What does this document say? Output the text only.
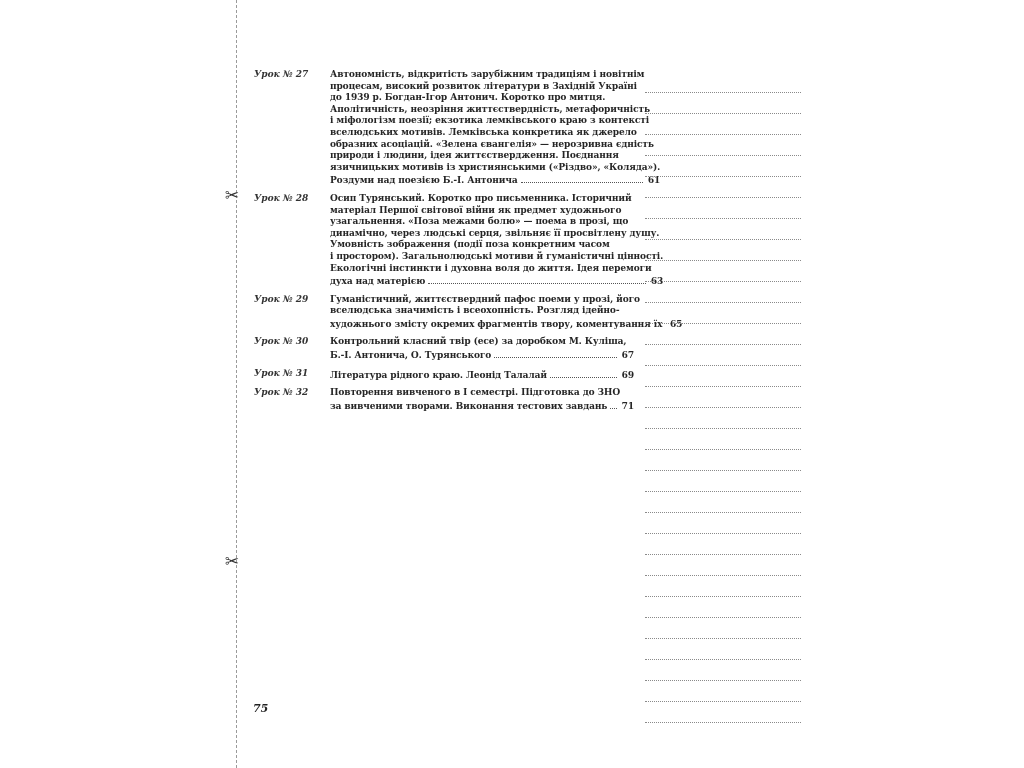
✂
✂
Урок № 27	Автономність, відкритість зарубіжним традиціям і новітнім
процесам, високий розвиток літератури в Західній Україні
до 1939 р. Богдан-Ігор Антонич. Коротко про митця.
Аполітичність, неозріння життєствердність, метафоричність
і міфологізм поезії; екзотика лемківського краю з контексті
вселюдських мотивів. Лемківська конкретика як джерело
образних асоціацій. «Зелена євангелія» — нерозривна єдність
природи і людини, ідея життєствердження. Поєднання
язичницьких мотивів із християнськими («Різдво», «Коляда»).
Роздуми над поезією Б.-І. Антонича	61
Урок № 28	Осип Турянський. Коротко про письменника. Історичний
матеріал Першої світової війни як предмет художнього
узагальнення. «Поза межами болю» — поема в прозі, що
динамічно, через людські серця, звільняє її просвітлену душу.
Умовність зображення (події поза конкретним часом
і простором). Загальнолюдські мотиви й гуманістичні цінності.
Екологічні інстинкти і духовна воля до життя. Ідея перемоги
духа над матерією	63
Урок № 29	Гуманістичний, життєствердний пафос поеми у прозі, його
вселюдська значимість і всеохопність. Розгляд ідейно-
художнього змісту окремих фрагментів твору, коментування їх 65
Урок № 30	Контрольний класний твір (есе) за доробком М. Куліша,
Б.-І. Антонича, О. Турянського	67
Урок № 31	Література рідного краю. Леонід Талалай	69
Урок № 32	Повторення вивченого в I семестрі. Підготовка до ЗНО
за вивченими творами. Виконання тестових завдань 71
75
